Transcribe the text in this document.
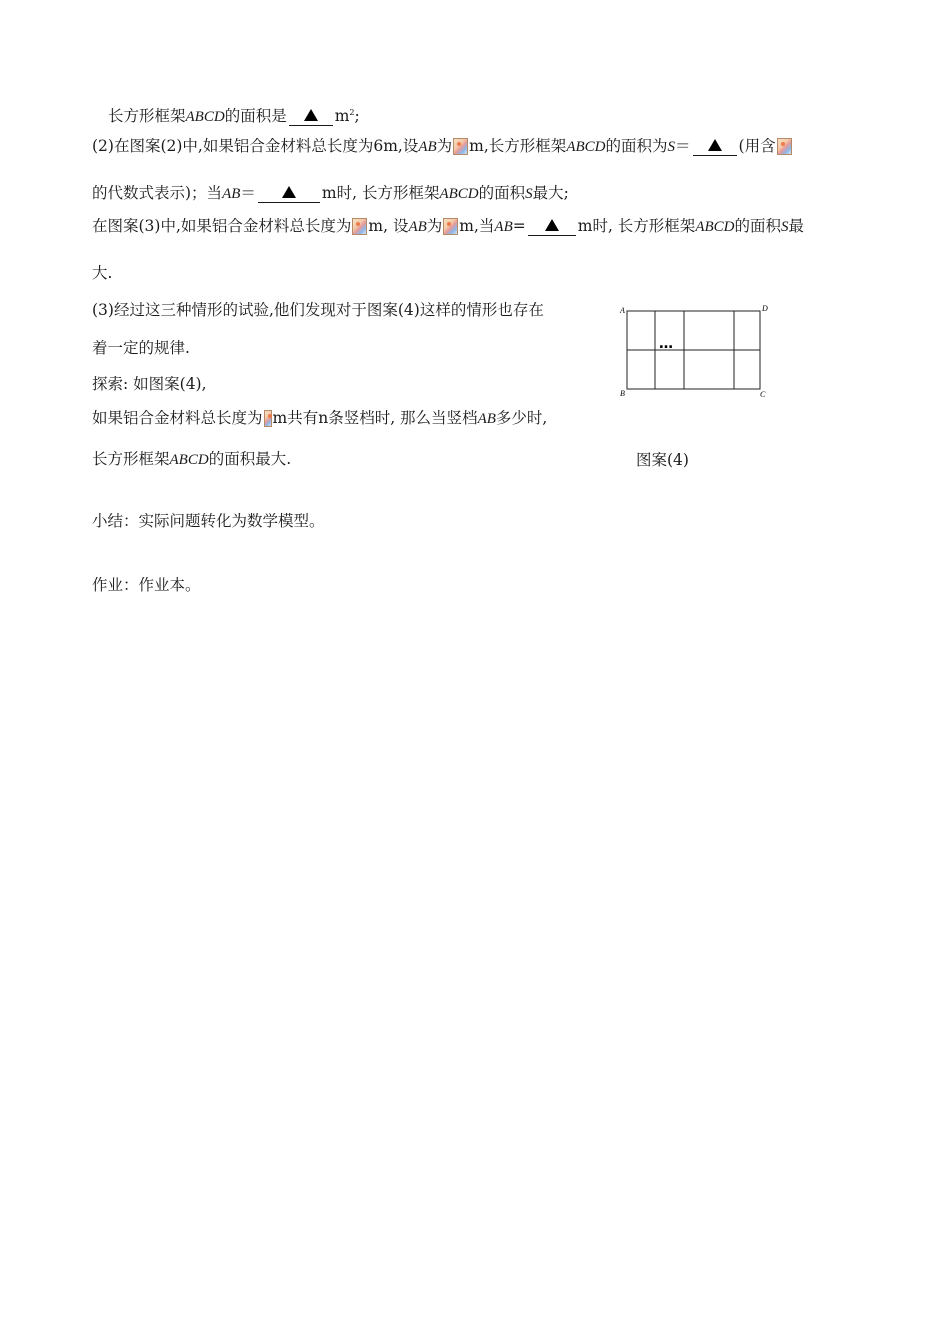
长方形框架ABCD的面积是	$m^2$;
(2)在图案(2)中,如果铝合金材料总长度为6m,设AB为 m,长方形框架ABCD的面积为S＝	(用含
的代数式表示)；当AB＝	m时, 长方形框架ABCD的面积S最大;
在图案(3)中,如果铝合金材料总长度为 m, 设AB为 m,当AB=	m时, 长方形框架ABCD的面积S最
大.
(3)经过这三种情形的试验,他们发现对于图案(4)这样的情形也存在
着一定的规律.
探索: 如图案(4),
如果铝合金材料总长度为 m共有n条竖档时, 那么当竖档AB多少时,
长方形框架ABCD的面积最大.
…
A
B	C
D
图案(4)
小结：实际问题转化为数学模型。
作业：作业本。
